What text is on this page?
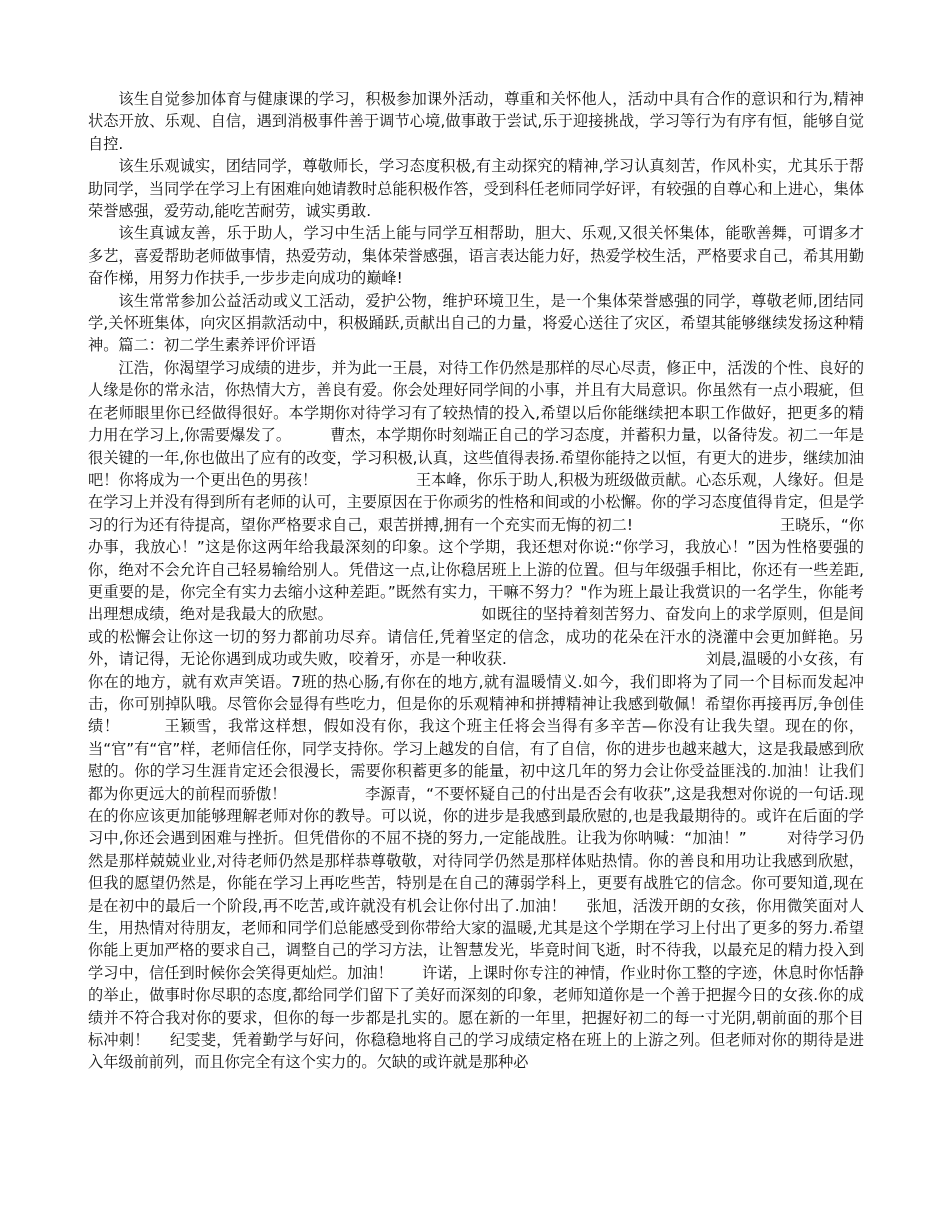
该生自觉参加体育与健康课的学习，积极参加课外活动，尊重和关怀他人，活动中具有合作的意识和行为,精神状态开放、乐观、自信，遇到消极事件善于调节心境,做事敢于尝试,乐于迎接挑战，学习等行为有序有恒，能够自觉自控.

该生乐观诚实，团结同学，尊敬师长，学习态度积极,有主动探究的精神,学习认真刻苦，作风朴实，尤其乐于帮助同学，当同学在学习上有困难向她请教时总能积极作答，受到科任老师同学好评，有较强的自尊心和上进心，集体荣誉感强，爱劳动,能吃苦耐劳，诚实勇敢.

该生真诚友善，乐于助人，学习中生活上能与同学互相帮助，胆大、乐观,又很关怀集体，能歌善舞，可谓多才多艺，喜爱帮助老师做事情，热爱劳动，集体荣誉感强，语言表达能力好，热爱学校生活，严格要求自己，希其用勤奋作梯，用努力作扶手,一步步走向成功的巅峰!

该生常常参加公益活动或义工活动，爱护公物，维护环境卫生，是一个集体荣誉感强的同学，尊敬老师,团结同学,关怀班集体，向灾区捐款活动中，积极踊跃,贡献出自己的力量，将爱心送往了灾区，希望其能够继续发扬这种精神。篇二：初二学生素养评价评语

江浩，你渴望学习成绩的进步，并为此一王晨，对待工作仍然是那样的尽心尽责，修正中，活泼的个性、良好的人缘是你的常永洁，你热情大方，善良有爱。你会处理好同学间的小事，并且有大局意识。你虽然有一点小瑕疵，但在老师眼里你已经做得很好。本学期你对待学习有了较热情的投入,希望以后你能继续把本职工作做好，把更多的精力用在学习上,你需要爆发了。	曹杰，本学期你时刻端正自己的学习态度，并蓄积力量，以备待发。初二一年是很关键的一年,你也做出了应有的改变，学习积极,认真，这些值得表扬.希望你能持之以恒，有更大的进步，继续加油吧！你将成为一个更出色的男孩！	王本峰，你乐于助人,积极为班级做贡献。心态乐观，人缘好。但是在学习上并没有得到所有老师的认可，主要原因在于你顽劣的性格和间或的小松懈。你的学习态度值得肯定，但是学习的行为还有待提高，望你严格要求自己，艰苦拼搏,拥有一个充实而无悔的初二!	王晓乐，“你办事，我放心！”这是你这两年给我最深刻的印象。这个学期，我还想对你说:“你学习，我放心！”因为性格要强的你，绝对不会允许自己轻易输给别人。凭借这一点,让你稳居班上上游的位置。但与年级强手相比，你还有一些差距,更重要的是，你完全有实力去缩小这种差距。”既然有实力，干嘛不努力？"作为班上最让我赏识的一名学生，你能考出理想成绩，绝对是我最大的欣慰。	如既往的坚持着刻苦努力、奋发向上的求学原则，但是间或的松懈会让你这一切的努力都前功尽弃。请信任,凭着坚定的信念，成功的花朵在汗水的浇灌中会更加鲜艳。另外，请记得，无论你遇到成功或失败，咬着牙，亦是一种收获.	刘晨,温暖的小女孩，有你在的地方，就有欢声笑语。7班的热心肠,有你在的地方,就有温暖情义.如今，我们即将为了同一个目标而发起冲击，你可别掉队哦。尽管你会显得有些吃力，但是你的乐观精神和拼搏精神让我感到敬佩！希望你再接再厉,争创佳绩！	王颖雪，我常这样想，假如没有你，我这个班主任将会当得有多辛苦—你没有让我失望。现在的你，当“官”有“官”样，老师信任你，同学支持你。学习上越发的自信，有了自信，你的进步也越来越大，这是我最感到欣慰的。你的学习生涯肯定还会很漫长，需要你积蓄更多的能量，初中这几年的努力会让你受益匪浅的.加油！让我们都为你更远大的前程而骄傲！	李源青，“不要怀疑自己的付出是否会有收获”,这是我想对你说的一句话.现在的你应该更加能够理解老师对你的教导。可以说，你的进步是我感到最欣慰的,也是我最期待的。或许在后面的学习中,你还会遇到困难与挫折。但凭借你的不屈不挠的努力,一定能战胜。让我为你呐喊：“加油！”	对待学习仍然是那样兢兢业业,对待老师仍然是那样恭尊敬敬，对待同学仍然是那样体贴热情。你的善良和用功让我感到欣慰，但我的愿望仍然是，你能在学习上再吃些苦，特别是在自己的薄弱学科上，更要有战胜它的信念。你可要知道,现在是在初中的最后一个阶段,再不吃苦,或许就没有机会让你付出了.加油！ 张旭，活泼开朗的女孩，你用微笑面对人生，用热情对待朋友，老师和同学们总能感受到你带给大家的温暖,尤其是这个学期在学习上付出了更多的努力.希望你能上更加严格的要求自己，调整自己的学习方法，让智慧发光，毕竟时间飞逝，时不待我，以最充足的精力投入到学习中，信任到时候你会笑得更灿烂。加油！ 许诺，上课时你专注的神情，作业时你工整的字迹，休息时你恬静的举止，做事时你尽职的态度,都给同学们留下了美好而深刻的印象，老师知道你是一个善于把握今日的女孩.你的成绩并不符合我对你的要求，但你的每一步都是扎实的。愿在新的一年里，把握好初二的每一寸光阴,朝前面的那个目标冲刺！ 纪雯斐，凭着勤学与好问，你稳稳地将自己的学习成绩定格在班上的上游之列。但老师对你的期待是进入年级前前列，而且你完全有这个实力的。欠缺的或许就是那种必
